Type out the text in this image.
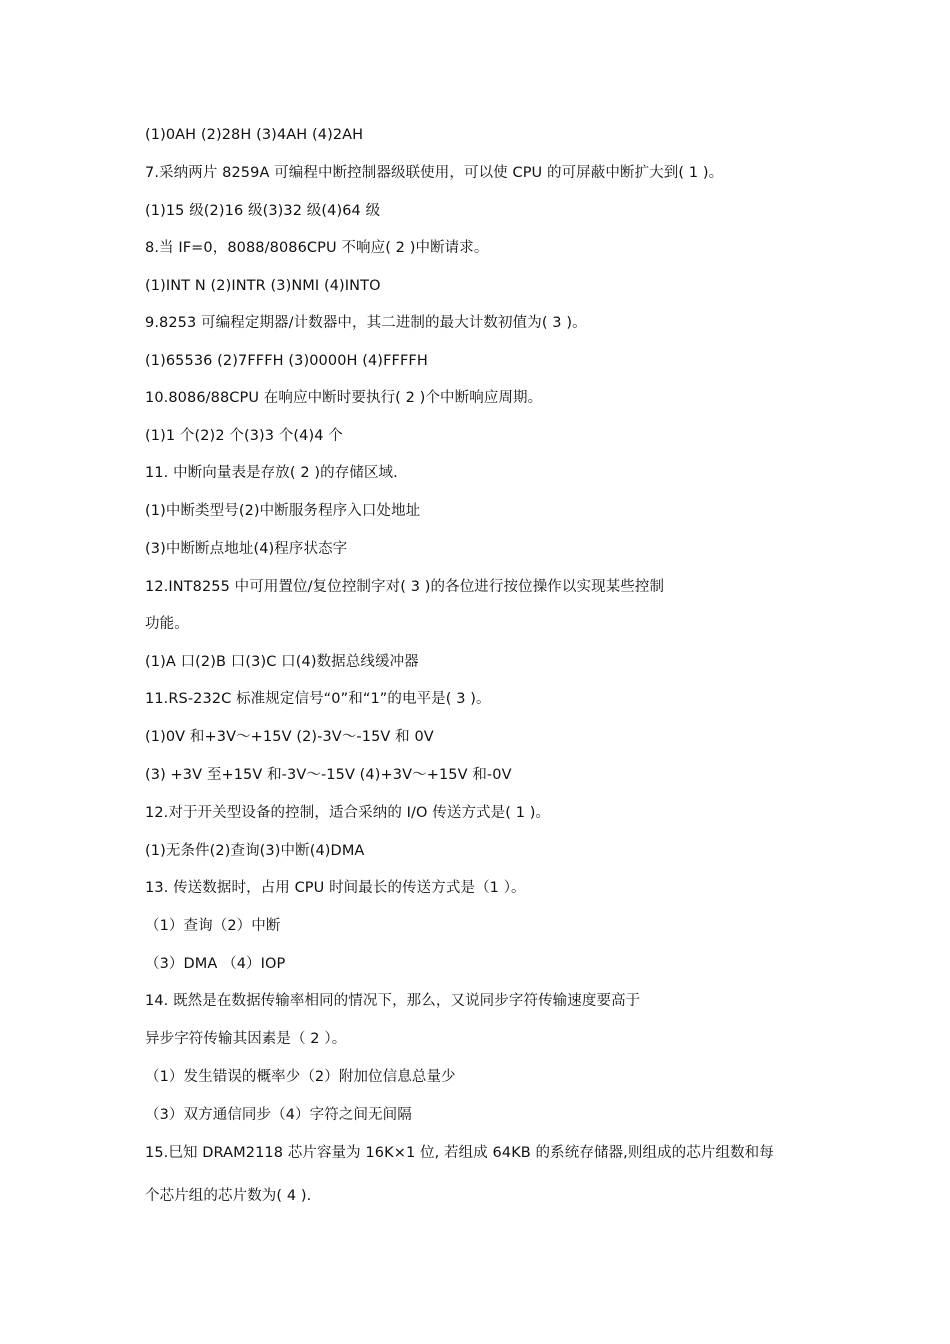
(1)0AH (2)28H (3)4AH (4)2AH
7.采纳两片 8259A 可编程中断控制器级联使用，可以使 CPU 的可屏蔽中断扩大到( 1 )。
(1)15 级(2)16 级(3)32 级(4)64 级
8.当 IF=0，8088/8086CPU 不响应( 2 )中断请求。
(1)INT N (2)INTR (3)NMI (4)INTO
9.8253 可编程定期器/计数器中，其二进制的最大计数初值为( 3 )。
(1)65536 (2)7FFFH (3)0000H (4)FFFFH
10.8086/88CPU 在响应中断时要执行( 2 )个中断响应周期。
(1)1 个(2)2 个(3)3 个(4)4 个
11. 中断向量表是存放( 2 )的存储区域.
(1)中断类型号(2)中断服务程序入口处地址
(3)中断断点地址(4)程序状态字
12.INT8255 中可用置位/复位控制字对( 3 )的各位进行按位操作以实现某些控制
功能。
(1)A 口(2)B 口(3)C 口(4)数据总线缓冲器
11.RS-232C 标准规定信号“0”和“1”的电平是( 3 )。
(1)0V 和+3V～+15V (2)-3V～-15V 和 0V
(3) +3V 至+15V 和-3V～-15V (4)+3V～+15V 和-0V
12.对于开关型设备的控制，适合采纳的 I/O 传送方式是( 1 )。
(1)无条件(2)查询(3)中断(4)DMA
13. 传送数据时，占用 CPU 时间最长的传送方式是（1 ）。
（1）查询（2）中断
（3）DMA （4）IOP
14. 既然是在数据传输率相同的情况下，那么，又说同步字符传输速度要高于
异步字符传输其因素是（ 2 ）。
（1）发生错误的概率少（2）附加位信息总量少
（3）双方通信同步（4）字符之间无间隔
15.巳知 DRAM2118 芯片容量为 16K×1 位, 若组成 64KB 的系统存储器,则组成的芯片组数和每
个芯片组的芯片数为( 4 ).
